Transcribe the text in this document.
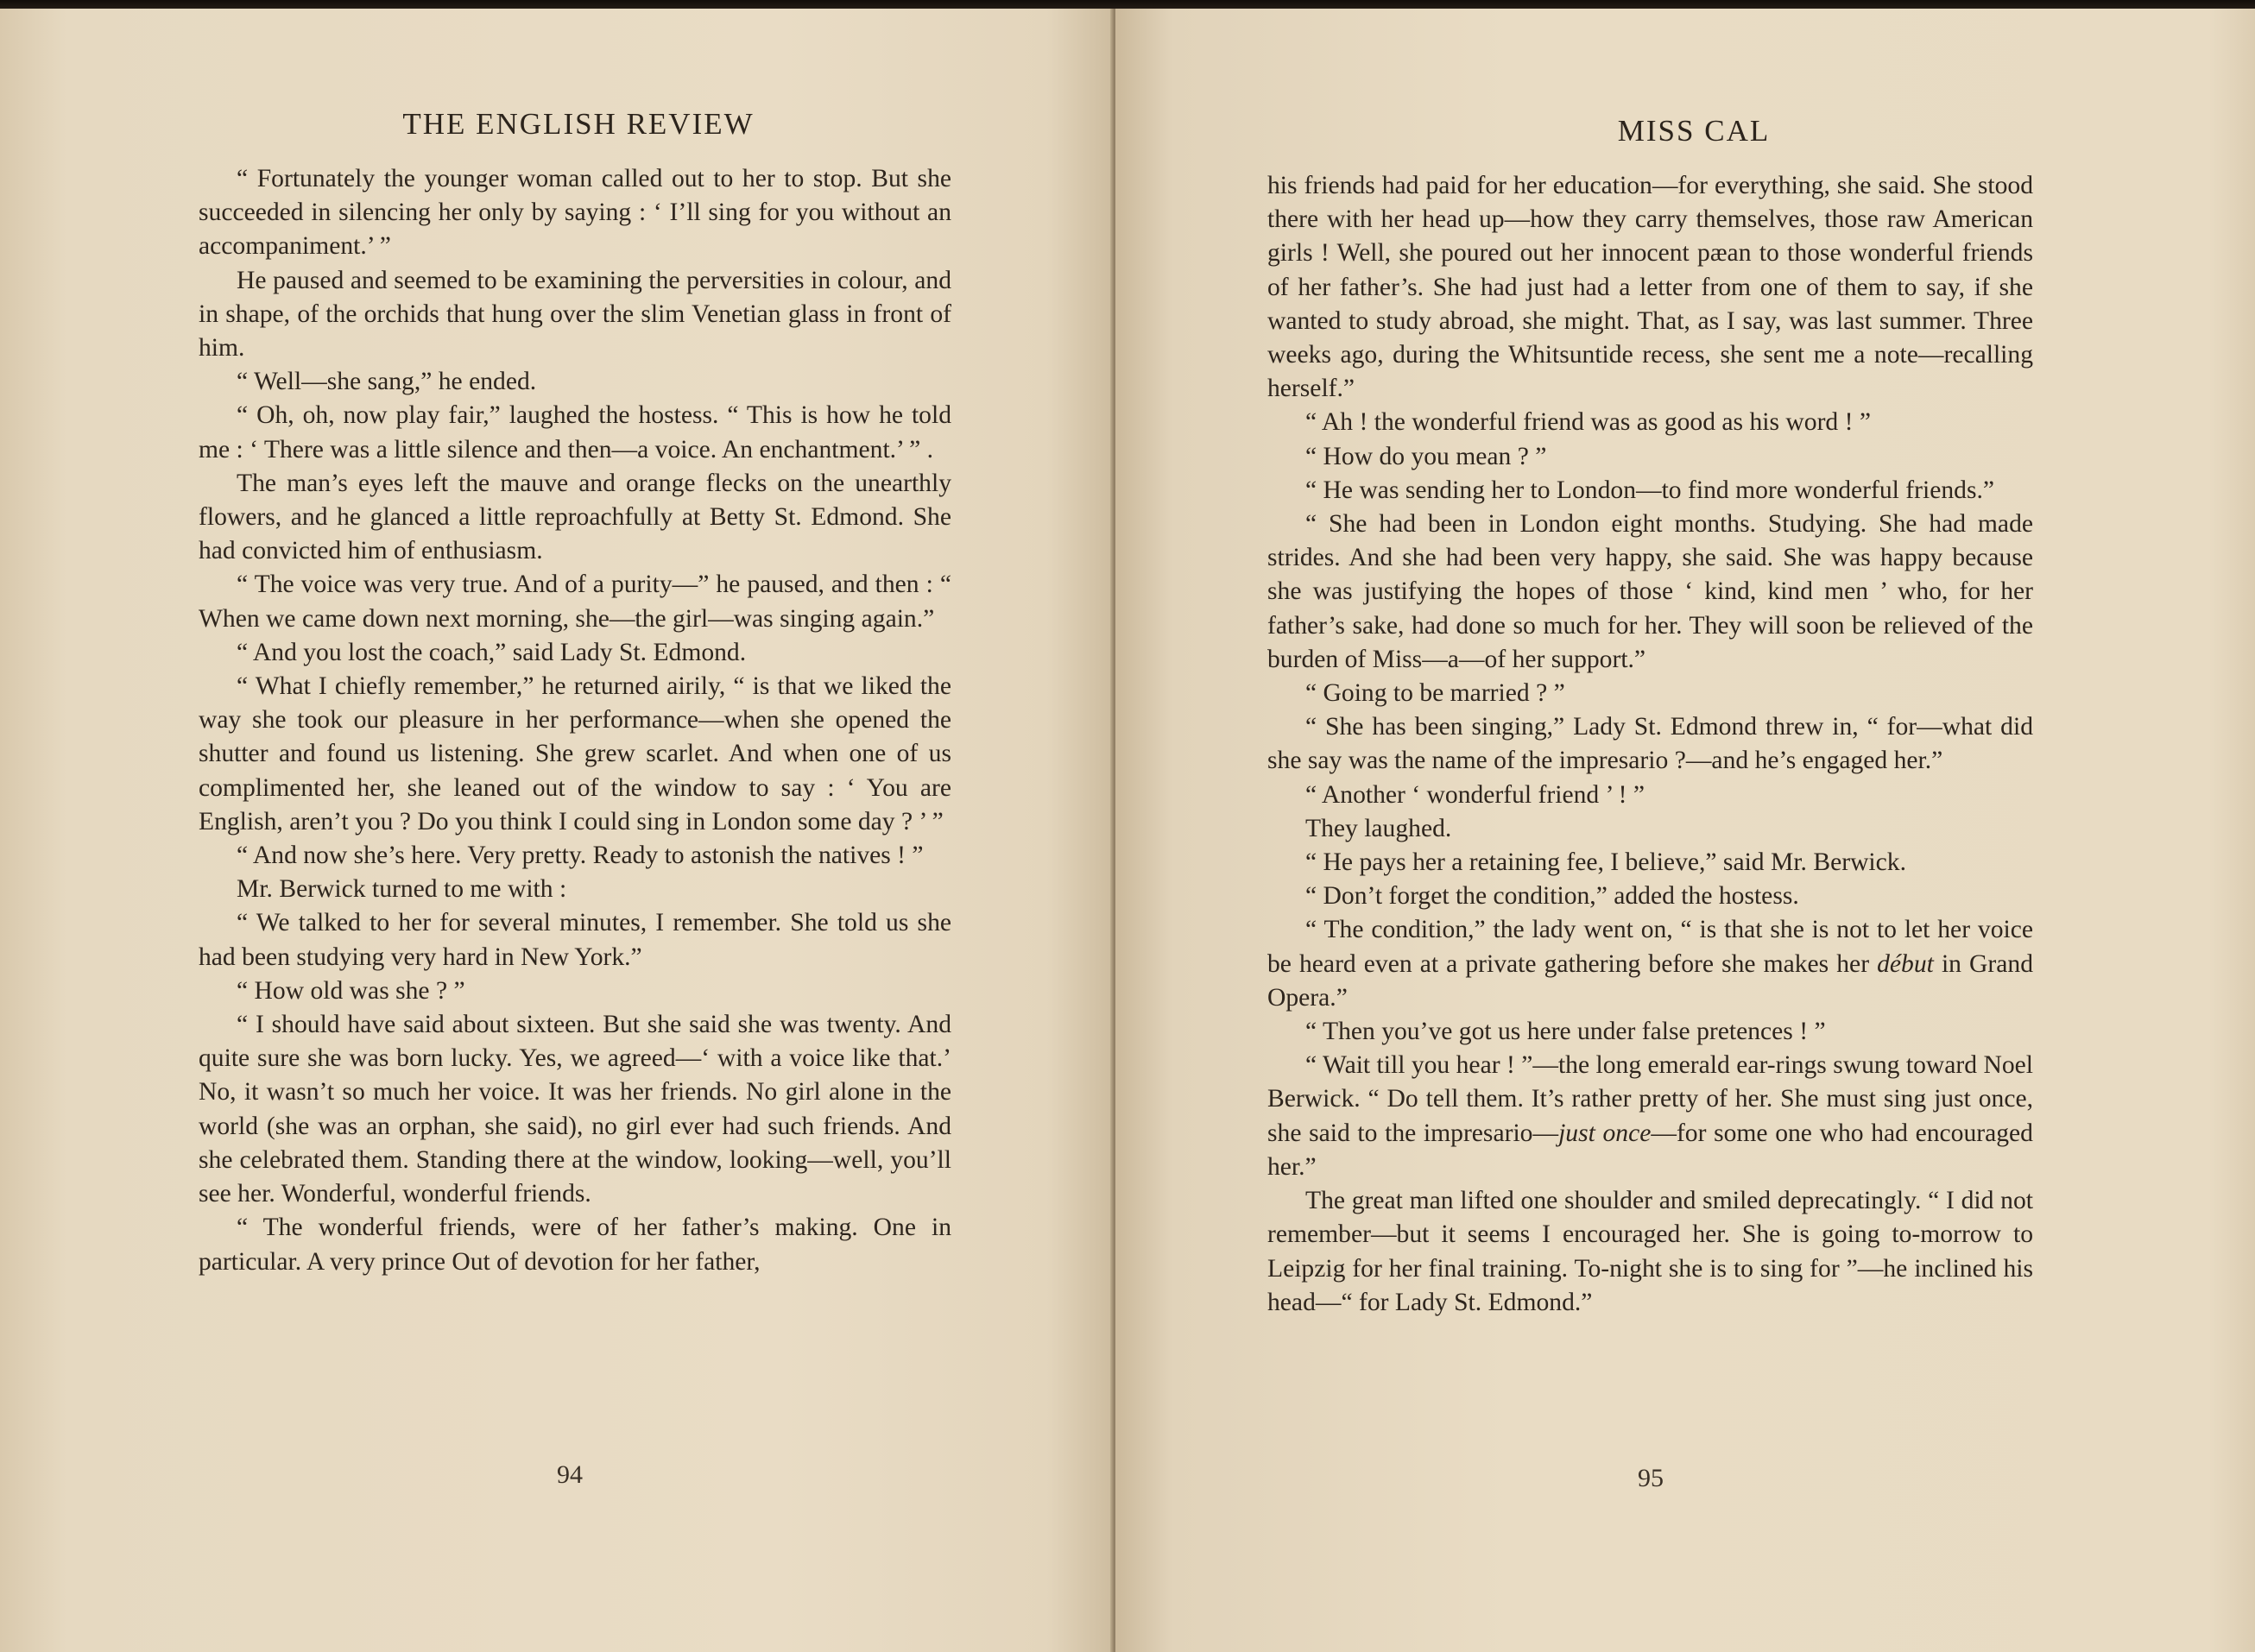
THE ENGLISH REVIEW

“ Fortunately the younger woman called out to her to stop. But she succeeded in silencing her only by saying : ‘ I’ll sing for you without an accompaniment.’ ”

He paused and seemed to be examining the perversities in colour, and in shape, of the orchids that hung over the slim Venetian glass in front of him.

“ Well—she sang,” he ended.

“ Oh, oh, now play fair,” laughed the hostess. “ This is how he told me : ‘ There was a little silence and then—a voice. An enchantment.’ ” .

The man’s eyes left the mauve and orange flecks on the unearthly flowers, and he glanced a little reproachfully at Betty St. Edmond. She had convicted him of enthusiasm.

“ The voice was very true. And of a purity—” he paused, and then : “ When we came down next morning, she—the girl—was singing again.”

“ And you lost the coach,” said Lady St. Edmond.

“ What I chiefly remember,” he returned airily, “ is that we liked the way she took our pleasure in her performance—when she opened the shutter and found us listening. She grew scarlet. And when one of us complimented her, she leaned out of the window to say : ‘ You are English, aren’t you ? Do you think I could sing in London some day ? ’ ”

“ And now she’s here. Very pretty. Ready to astonish the natives ! ”

Mr. Berwick turned to me with :

“ We talked to her for several minutes, I remember. She told us she had been studying very hard in New York.”

“ How old was she ? ”

“ I should have said about sixteen. But she said she was twenty. And quite sure she was born lucky. Yes, we agreed—‘ with a voice like that.’ No, it wasn’t so much her voice. It was her friends. No girl alone in the world (she was an orphan, she said), no girl ever had such friends. And she celebrated them. Standing there at the window, looking—well, you’ll see her. Wonderful, wonderful friends.

“ The wonderful friends, were of her father’s making. One in particular. A very prince Out of devotion for her father,

94
MISS CAL

his friends had paid for her education—for everything, she said. She stood there with her head up—how they carry themselves, those raw American girls ! Well, she poured out her innocent pæan to those wonderful friends of her father’s. She had just had a letter from one of them to say, if she wanted to study abroad, she might. That, as I say, was last summer. Three weeks ago, during the Whitsuntide recess, she sent me a note—recalling herself.”

“ Ah ! the wonderful friend was as good as his word ! ”

“ How do you mean ? ”

“ He was sending her to London—to find more wonderful friends.”

“ She had been in London eight months. Studying. She had made strides. And she had been very happy, she said. She was happy because she was justifying the hopes of those ‘ kind, kind men ’ who, for her father’s sake, had done so much for her. They will soon be relieved of the burden of Miss—a—of her support.”

“ Going to be married ? ”

“ She has been singing,” Lady St. Edmond threw in, “ for—what did she say was the name of the impresario ?—and he’s engaged her.”

“ Another ‘ wonderful friend ’ ! ”

They laughed.

“ He pays her a retaining fee, I believe,” said Mr. Berwick.

“ Don’t forget the condition,” added the hostess.

“ The condition,” the lady went on, “ is that she is not to let her voice be heard even at a private gathering before she makes her début in Grand Opera.”

“ Then you’ve got us here under false pretences ! ”

“ Wait till you hear ! ”—the long emerald ear-rings swung toward Noel Berwick. “ Do tell them. It’s rather pretty of her. She must sing just once, she said to the impresario—just once—for some one who had encouraged her.”

The great man lifted one shoulder and smiled deprecatingly. “ I did not remember—but it seems I encouraged her. She is going to-morrow to Leipzig for her final training. To-night she is to sing for ”—he inclined his head—“ for Lady St. Edmond.”

95
